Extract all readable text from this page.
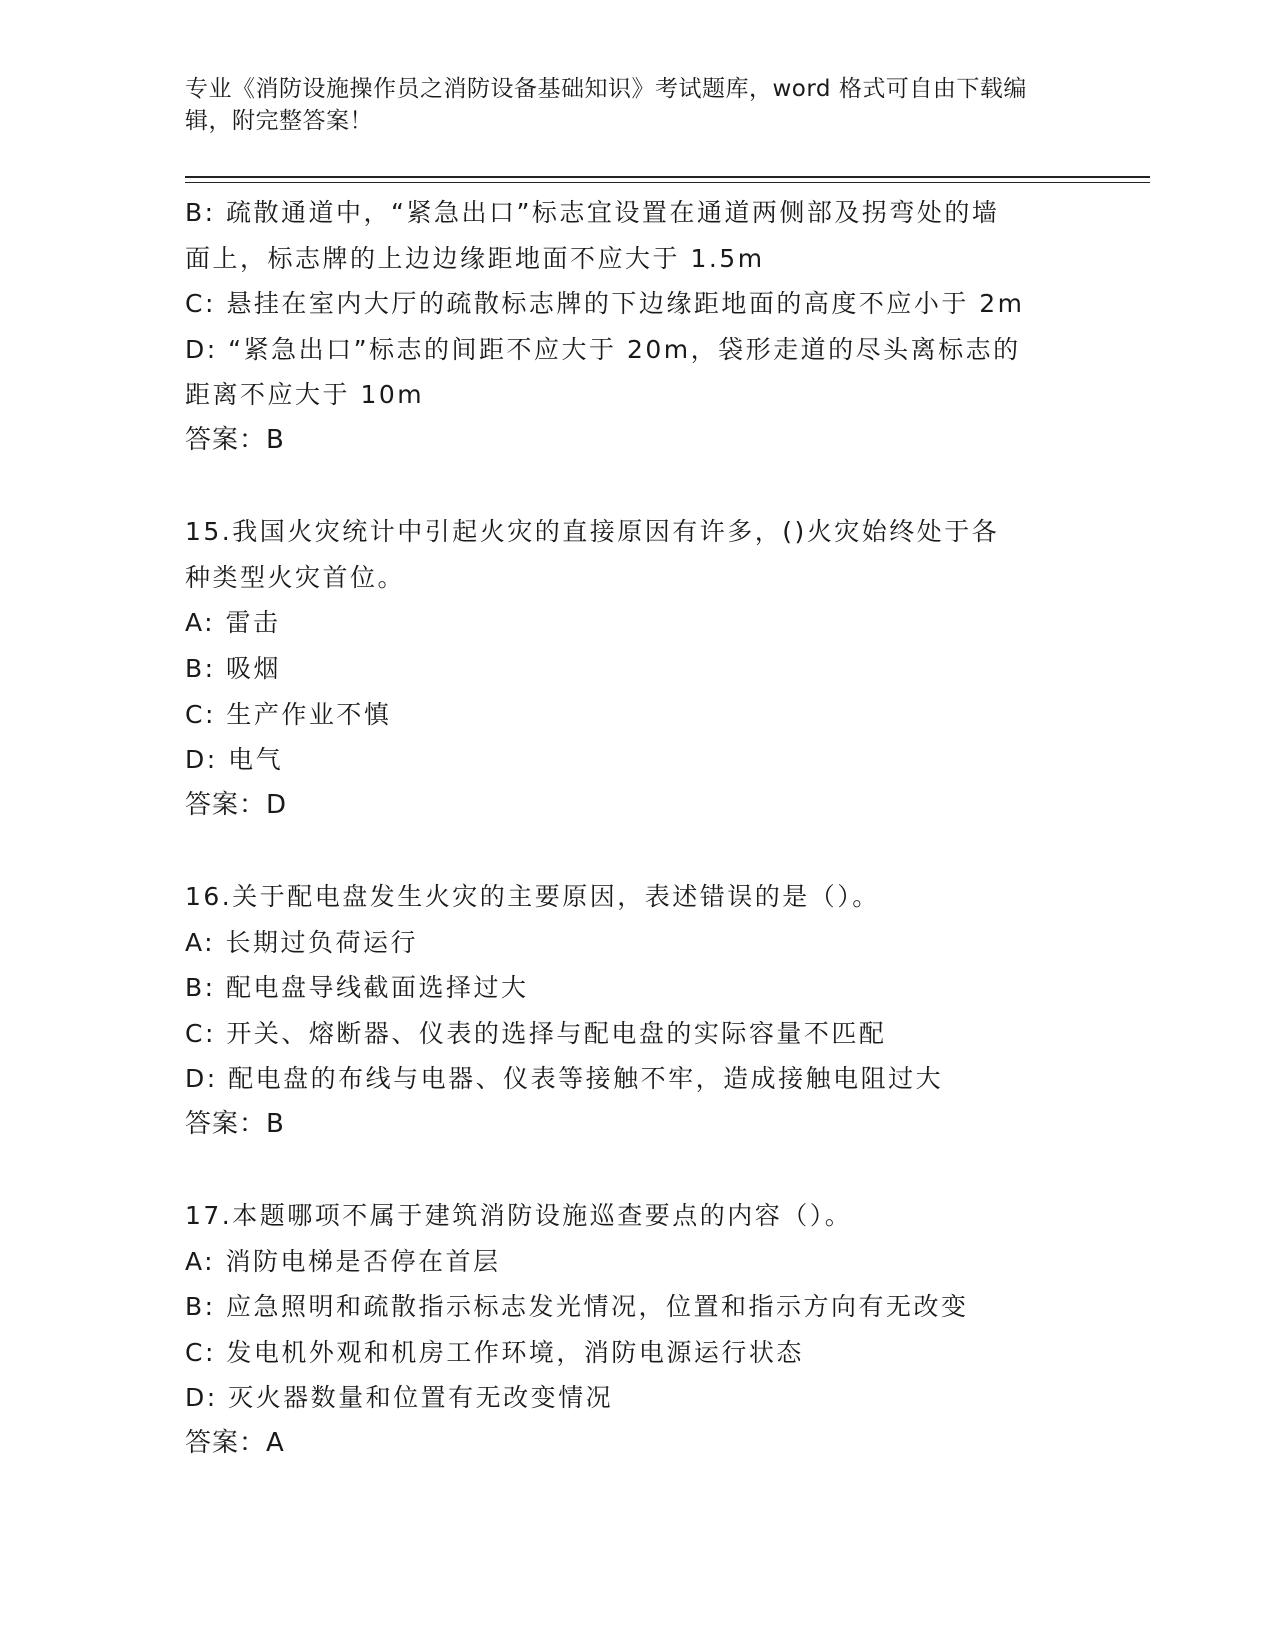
专业《消防设施操作员之消防设备基础知识》考试题库，word 格式可自由下载编
辑，附完整答案！
B: 疏散通道中，“紧急出口”标志宜设置在通道两侧部及拐弯处的墙
面上，标志牌的上边边缘距地面不应大于 1.5m
C: 悬挂在室内大厅的疏散标志牌的下边缘距地面的高度不应小于 2m
D: “紧急出口”标志的间距不应大于 20m，袋形走道的尽头离标志的
距离不应大于 10m
答案：B
15.我国火灾统计中引起火灾的直接原因有许多，()火灾始终处于各
种类型火灾首位。
A: 雷击
B: 吸烟
C: 生产作业不慎
D: 电气
答案：D
16.关于配电盘发生火灾的主要原因，表述错误的是（）。
A: 长期过负荷运行
B: 配电盘导线截面选择过大
C: 开关、熔断器、仪表的选择与配电盘的实际容量不匹配
D: 配电盘的布线与电器、仪表等接触不牢，造成接触电阻过大
答案：B
17.本题哪项不属于建筑消防设施巡查要点的内容（）。
A: 消防电梯是否停在首层
B: 应急照明和疏散指示标志发光情况，位置和指示方向有无改变
C: 发电机外观和机房工作环境，消防电源运行状态
D: 灭火器数量和位置有无改变情况
答案：A
